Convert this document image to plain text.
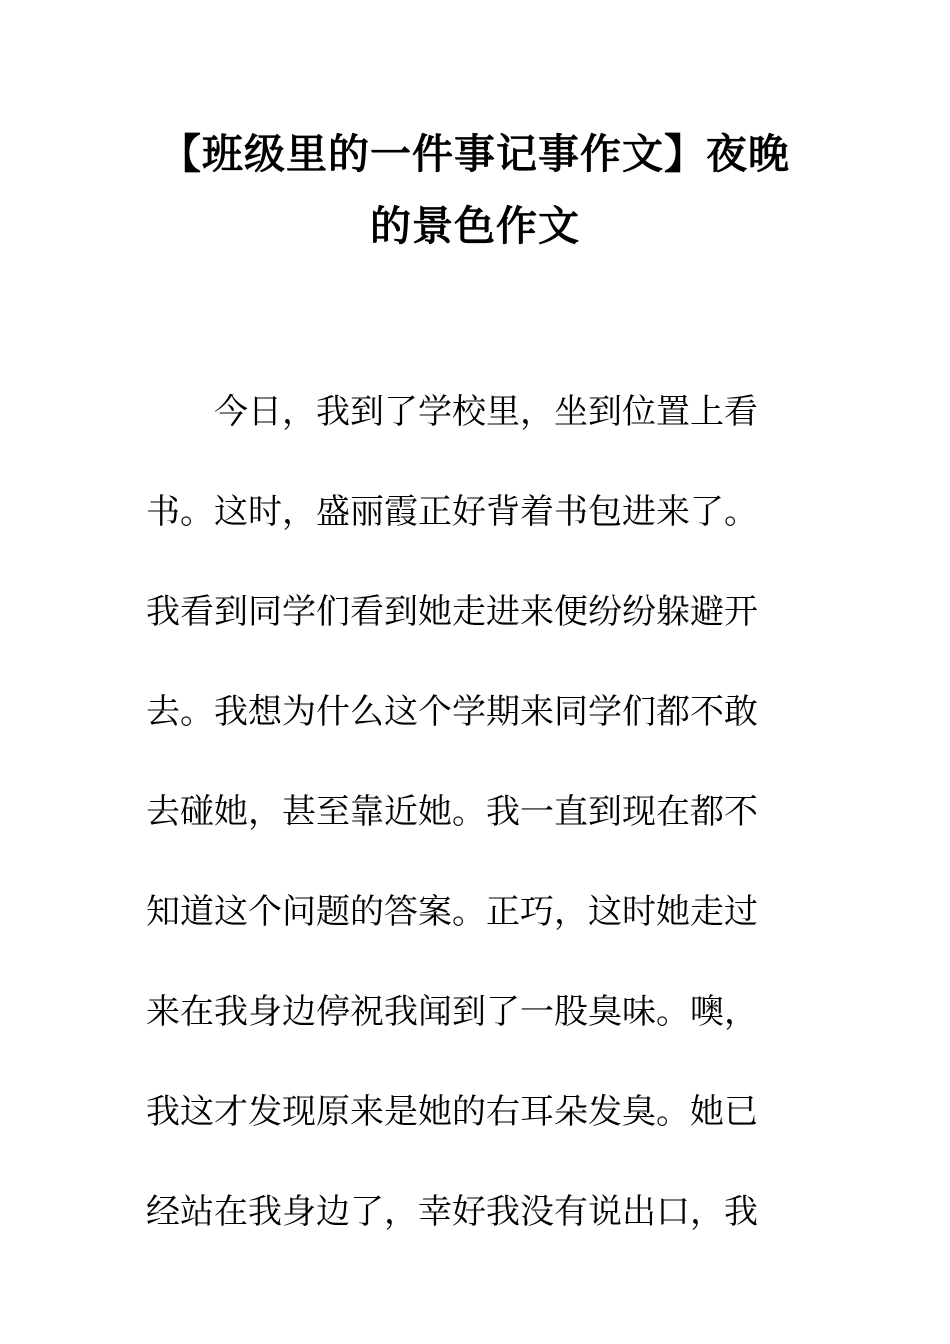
【班级里的一件事记事作文】夜晚
的景色作文
今日，我到了学校里，坐到位置上看
书。这时，盛丽霞正好背着书包进来了。
我看到同学们看到她走进来便纷纷躲避开
去。我想为什么这个学期来同学们都不敢
去碰她，甚至靠近她。我一直到现在都不
知道这个问题的答案。正巧，这时她走过
来在我身边停祝我闻到了一股臭味。噢，
我这才发现原来是她的右耳朵发臭。她已
经站在我身边了，幸好我没有说出口，我
